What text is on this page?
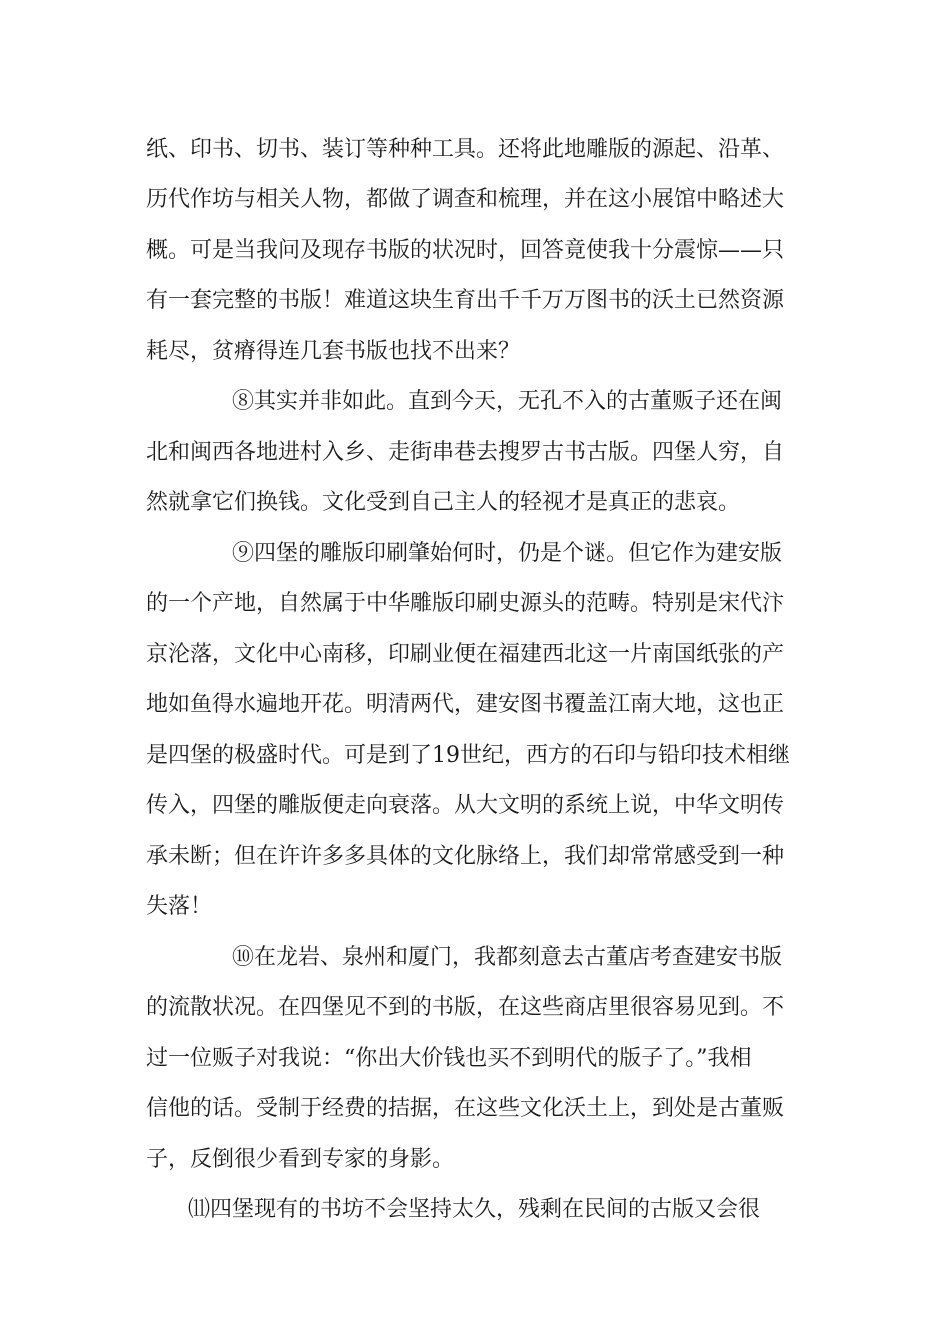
纸、印书、切书、装订等种种工具。还将此地雕版的源起、沿革、
历代作坊与相关人物，都做了调查和梳理，并在这小展馆中略述大
概。可是当我问及现存书版的状况时，回答竟使我十分震惊——只
有一套完整的书版！难道这块生育出千千万万图书的沃土已然资源
耗尽，贫瘠得连几套书版也找不出来？
⑧其实并非如此。直到今天，无孔不入的古董贩子还在闽
北和闽西各地进村入乡、走街串巷去搜罗古书古版。四堡人穷，自
然就拿它们换钱。文化受到自己主人的轻视才是真正的悲哀。
⑨四堡的雕版印刷肇始何时，仍是个谜。但它作为建安版
的一个产地，自然属于中华雕版印刷史源头的范畴。特别是宋代汴
京沦落，文化中心南移，印刷业便在福建西北这一片南国纸张的产
地如鱼得水遍地开花。明清两代，建安图书覆盖江南大地，这也正
是四堡的极盛时代。可是到了19世纪，西方的石印与铅印技术相继
传入，四堡的雕版便走向衰落。从大文明的系统上说，中华文明传
承未断；但在许许多多具体的文化脉络上，我们却常常感受到一种
失落！
⑩在龙岩、泉州和厦门，我都刻意去古董店考查建安书版
的流散状况。在四堡见不到的书版，在这些商店里很容易见到。不
过一位贩子对我说：“你出大价钱也买不到明代的版子了。”我相
信他的话。受制于经费的拮据，在这些文化沃土上，到处是古董贩
子，反倒很少看到专家的身影。
⑾四堡现有的书坊不会坚持太久，残剩在民间的古版又会很
